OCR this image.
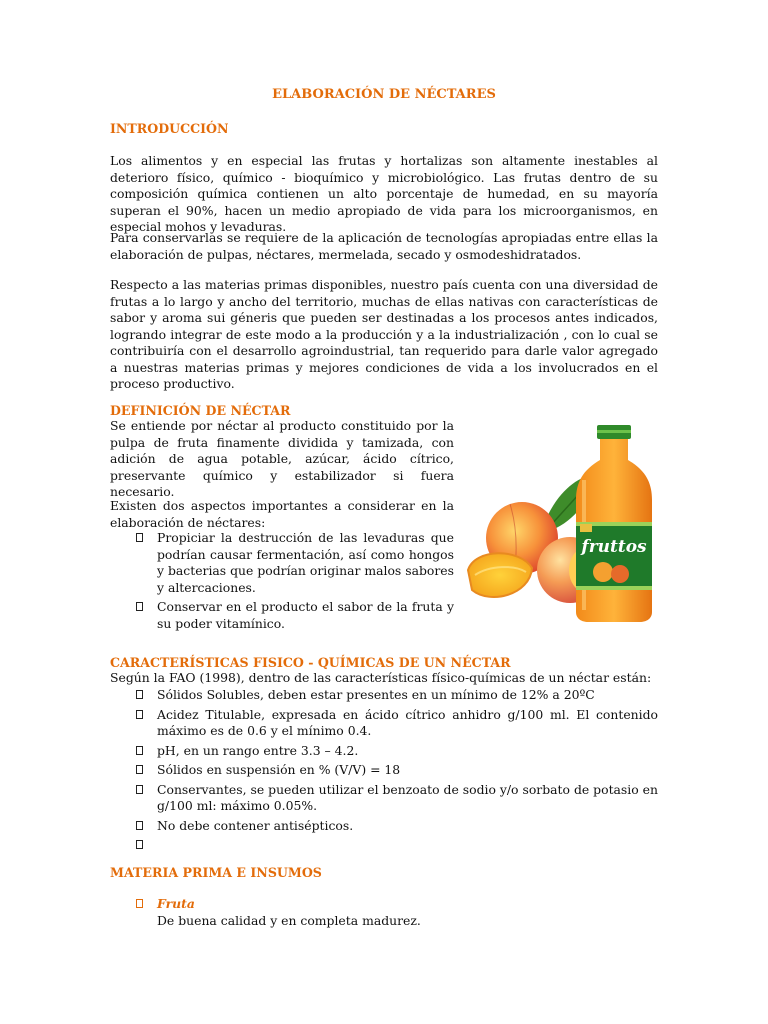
ELABORACIÓN DE NÉCTARES
INTRODUCCIÓN

Los alimentos y en especial las frutas y hortalizas son altamente inestables al deterioro físico, químico - bioquímico y microbiológico. Las frutas dentro de su composición química contienen un alto porcentaje de humedad, en su mayoría superan el 90%, hacen un medio apropiado de vida para los microorganismos, en especial mohos y levaduras.

Para conservarlas se requiere de la aplicación de tecnologías apropiadas entre ellas la elaboración de pulpas, néctares, mermelada, secado y osmodeshidratados.

Respecto a las materias primas disponibles, nuestro país cuenta con una diversidad de frutas a lo largo y ancho del territorio, muchas de ellas nativas con características de sabor y aroma sui géneris que pueden ser destinadas a los procesos antes indicados, logrando integrar de este modo a la producción y a la industrialización , con lo cual se contribuiría con el desarrollo agroindustrial, tan requerido para darle valor agregado a nuestras materias primas y mejores condiciones de vida a los involucrados en el proceso productivo.

DEFINICIÓN DE NÉCTAR

Se entiende por néctar al producto constituido por la pulpa de fruta finamente dividida y tamizada, con adición de agua potable, azúcar, ácido cítrico, preservante químico y estabilizador si fuera necesario.

Existen dos aspectos importantes a considerar en la elaboración de néctares:

Propiciar la destrucción de las levaduras que podrían causar fermentación, así como hongos y bacterias que podrían originar malos sabores y altercaciones.
Conservar en el producto el sabor de la fruta y su poder vitamínico.
fruttos
CARACTERÍSTICAS FISICO - QUÍMICAS DE UN NÉCTAR

Según la FAO (1998), dentro de las características físico-químicas de un néctar están:

Sólidos Solubles, deben estar presentes en un mínimo de 12% a 20ºC
Acidez Titulable, expresada en ácido cítrico anhidro g/100 ml. El contenido máximo es de 0.6 y el mínimo 0.4.
pH, en un rango entre 3.3 – 4.2.
Sólidos en suspensión en % (V/V) = 18
Conservantes, se pueden utilizar el benzoato de sodio y/o sorbato de potasio en g/100 ml: máximo 0.05%.
No debe contener antisépticos.
MATERIA PRIMA E INSUMOS
Fruta
De buena calidad y en completa madurez.
